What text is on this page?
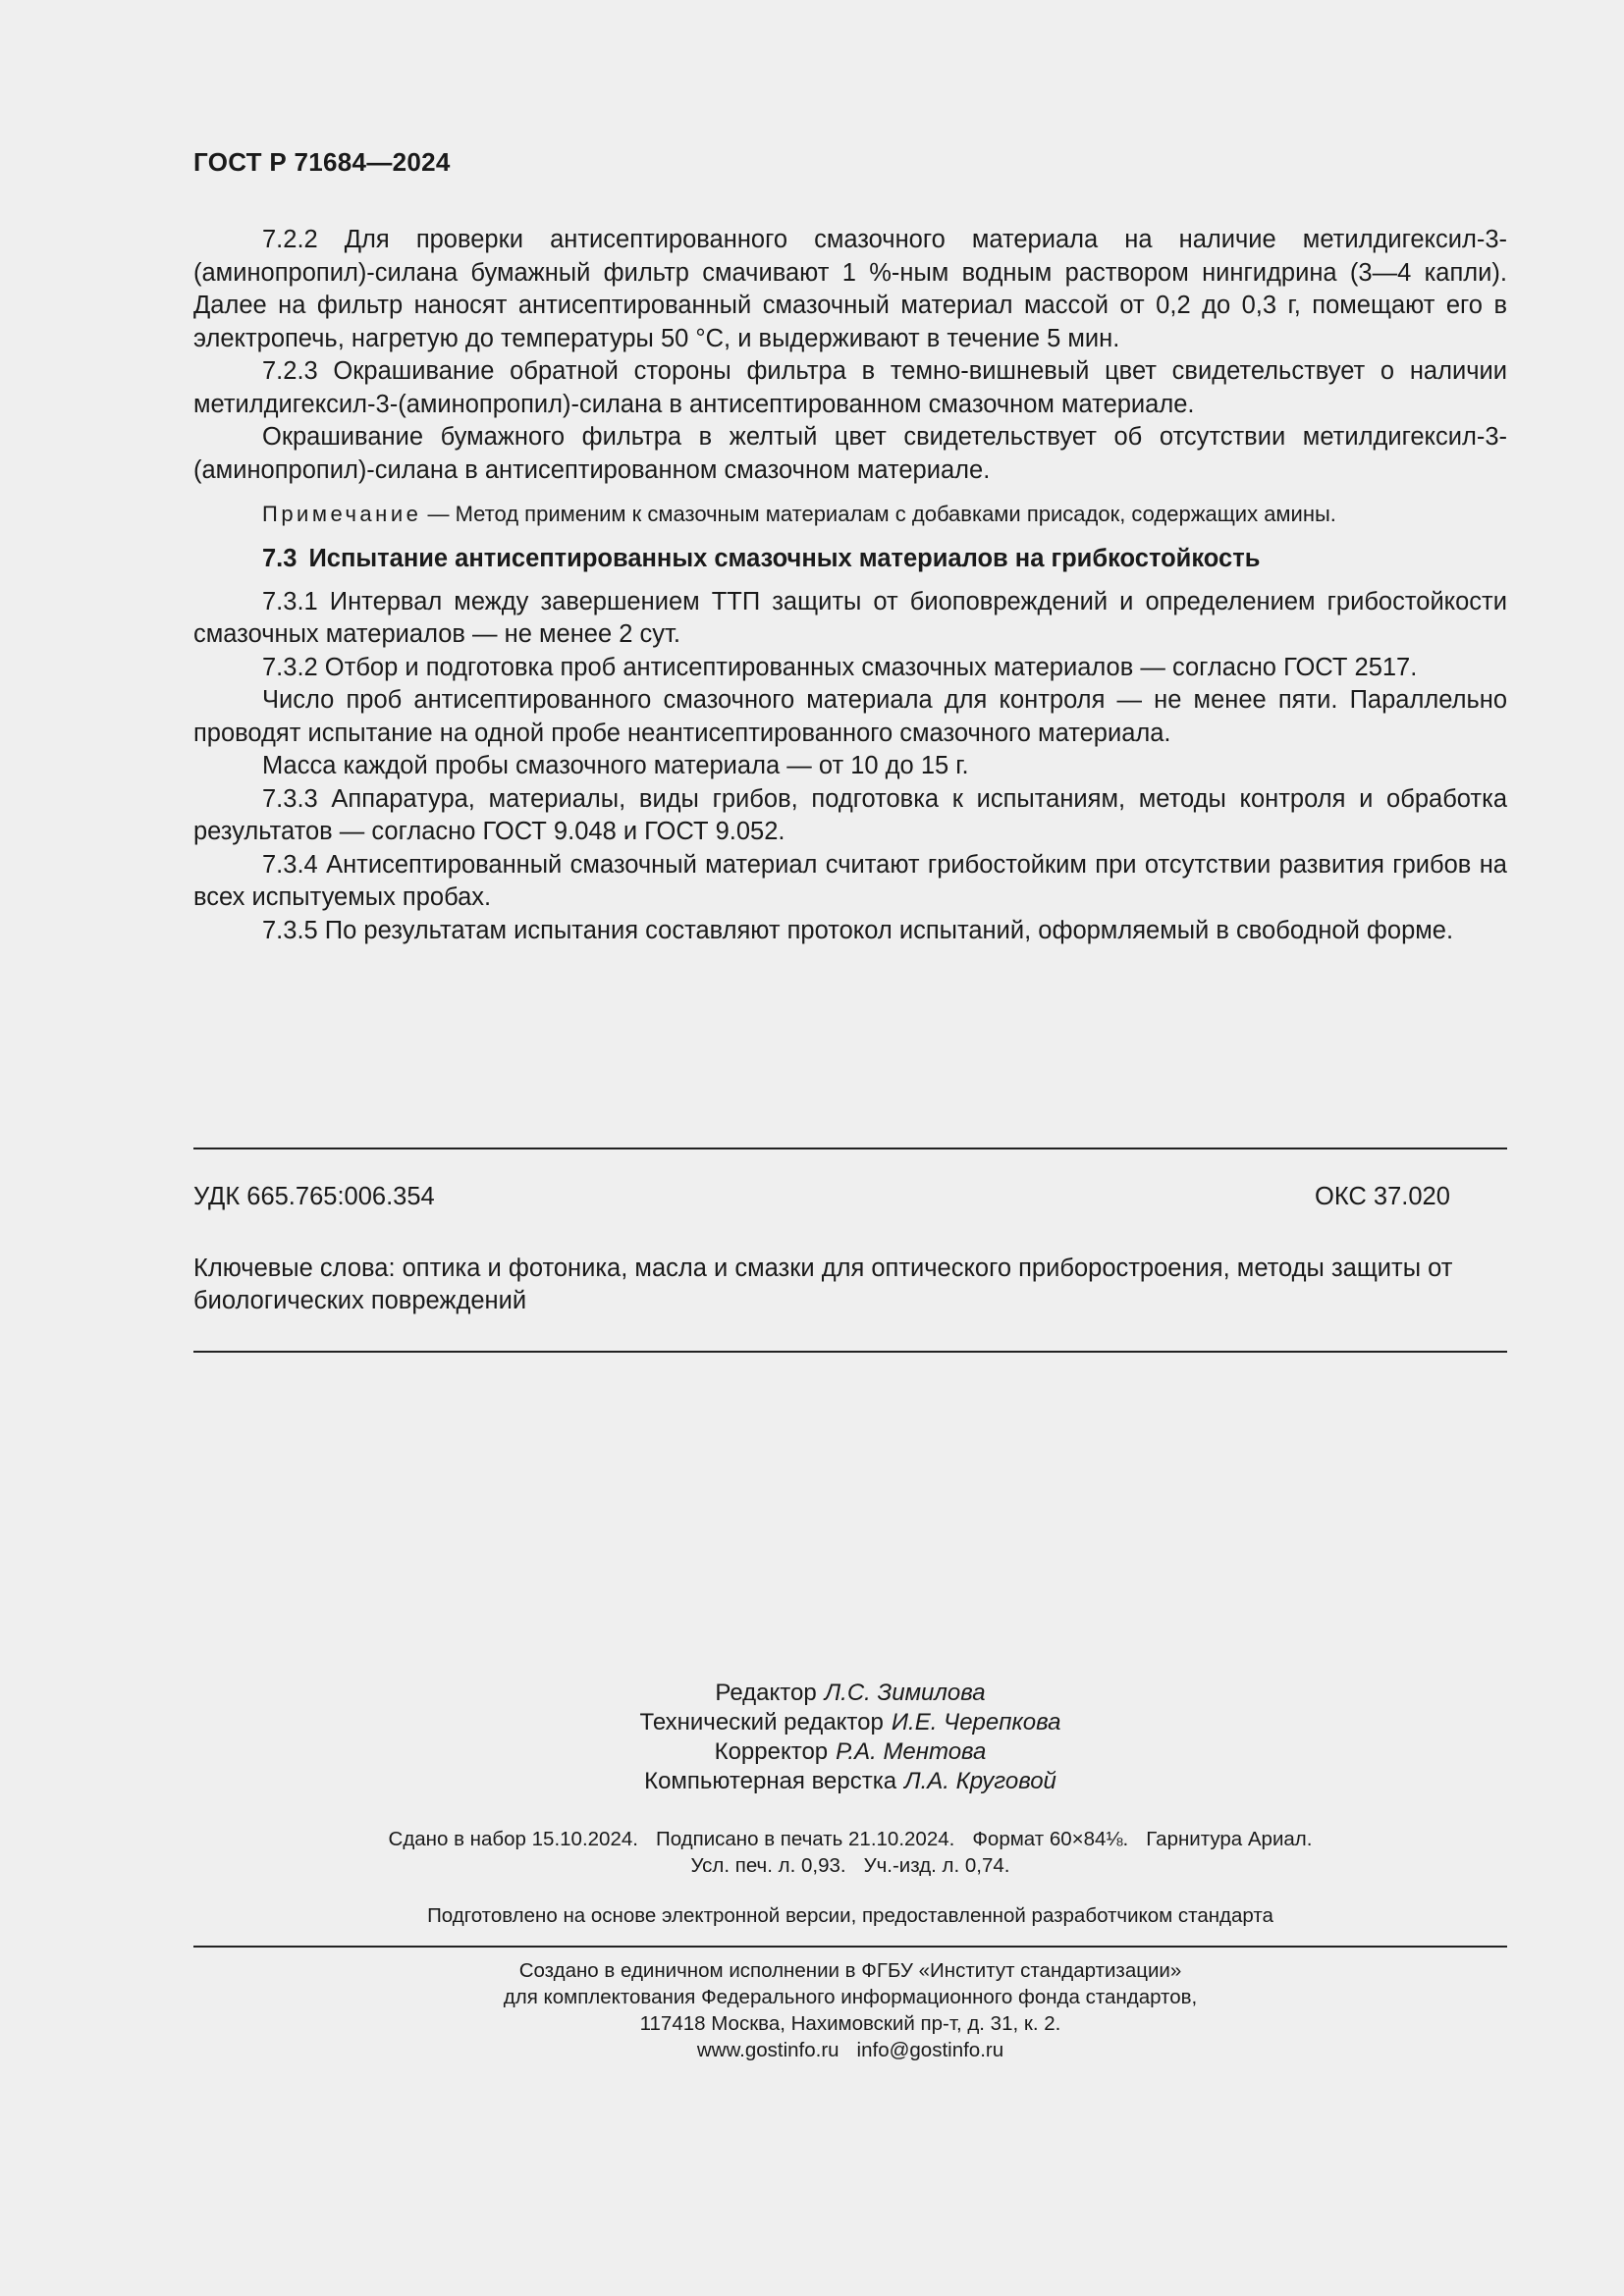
ГОСТ Р 71684—2024

7.2.2 Для проверки антисептированного смазочного материала на наличие метилдигексил-3-(аминопропил)-силана бумажный фильтр смачивают 1 %-ным водным раствором нингидрина (3—4 капли). Далее на фильтр наносят антисептированный смазочный материал массой от 0,2 до 0,3 г, помещают его в электропечь, нагретую до температуры 50 °С, и выдерживают в течение 5 мин.

7.2.3 Окрашивание обратной стороны фильтра в темно-вишневый цвет свидетельствует о наличии метилдигексил-3-(аминопропил)-силана в антисептированном смазочном материале.

Окрашивание бумажного фильтра в желтый цвет свидетельствует об отсутствии метилдигексил-3-(аминопропил)-силана в антисептированном смазочном материале.

Примечание — Метод применим к смазочным материалам с добавками присадок, содержащих амины.

7.3 Испытание антисептированных смазочных материалов на грибкостойкость

7.3.1 Интервал между завершением ТТП защиты от биоповреждений и определением грибостойкости смазочных материалов — не менее 2 сут.

7.3.2 Отбор и подготовка проб антисептированных смазочных материалов — согласно ГОСТ 2517.

Число проб антисептированного смазочного материала для контроля — не менее пяти. Параллельно проводят испытание на одной пробе неантисептированного смазочного материала.

Масса каждой пробы смазочного материала — от 10 до 15 г.

7.3.3 Аппаратура, материалы, виды грибов, подготовка к испытаниям, методы контроля и обработка результатов — согласно ГОСТ 9.048 и ГОСТ 9.052.

7.3.4 Антисептированный смазочный материал считают грибостойким при отсутствии развития грибов на всех испытуемых пробах.

7.3.5 По результатам испытания составляют протокол испытаний, оформляемый в свободной форме.

УДК 665.765:006.354	ОКС 37.020
Ключевые слова: оптика и фотоника, масла и смазки для оптического приборостроения, методы защиты от биологических повреждений
Редактор Л.С. Зимилова
Технический редактор И.Е. Черепкова
Корректор Р.А. Ментова
Компьютерная верстка Л.А. Круговой
Сдано в набор 15.10.2024. Подписано в печать 21.10.2024. Формат 60×84⅛. Гарнитура Ариал.
Усл. печ. л. 0,93. Уч.-изд. л. 0,74.
Подготовлено на основе электронной версии, предоставленной разработчиком стандарта
Создано в единичном исполнении в ФГБУ «Институт стандартизации»
для комплектования Федерального информационного фонда стандартов,
117418 Москва, Нахимовский пр-т, д. 31, к. 2.
www.gostinfo.ru info@gostinfo.ru
